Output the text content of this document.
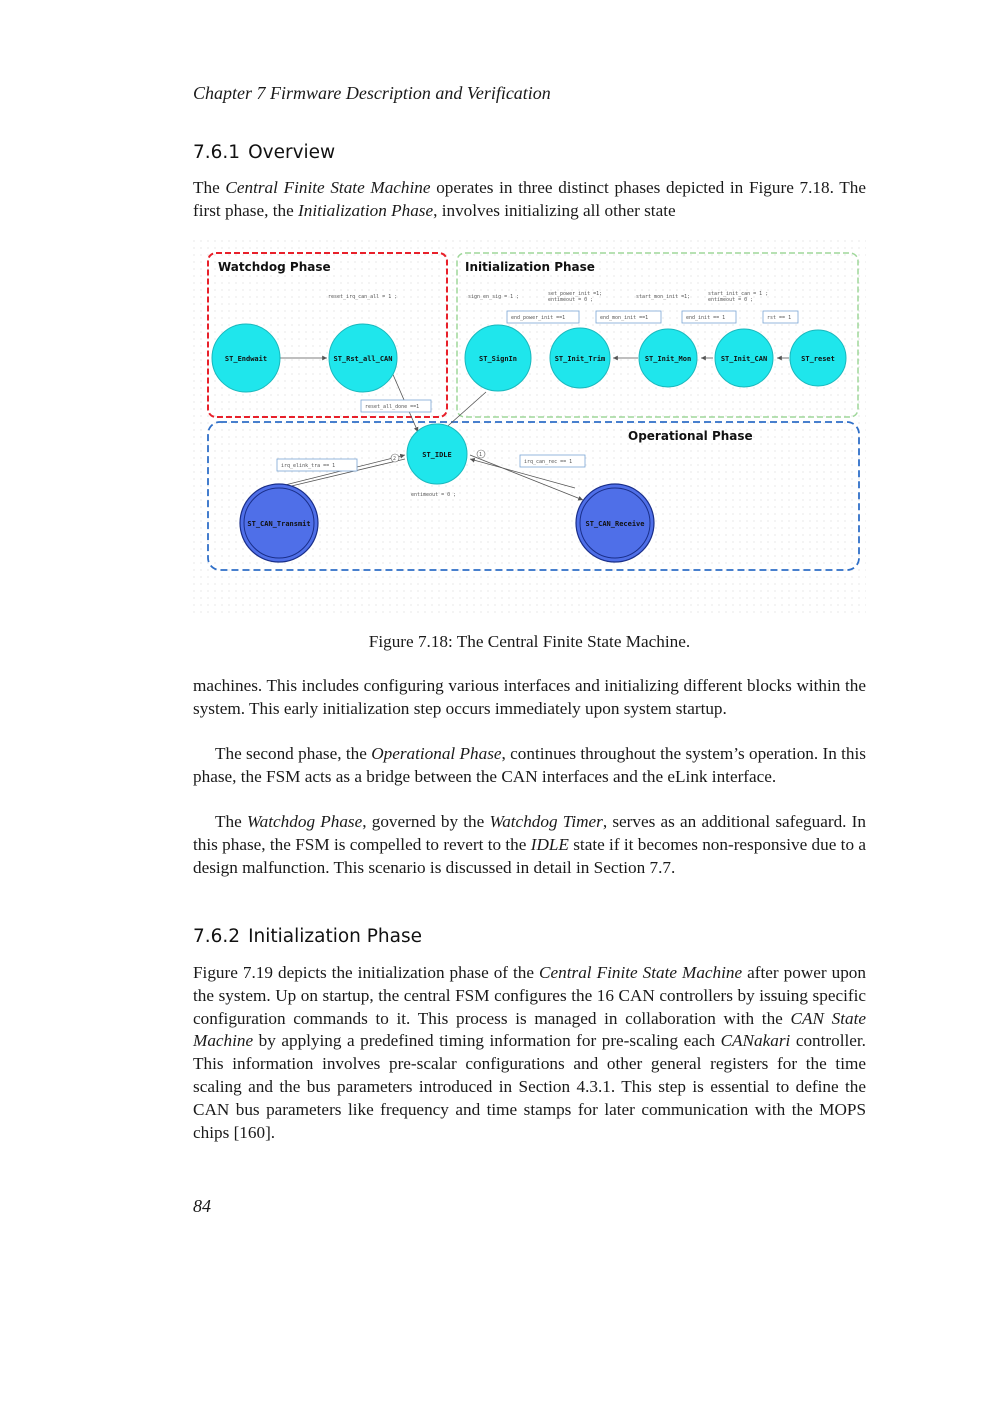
Chapter 7 Firmware Description and Verification
7.6.1 Overview

The Central Finite State Machine operates in three distinct phases depicted in Figure 7.18. The first phase, the Initialization Phase, involves initializing all other state

Watchdog Phase	Initialization Phase
Operational Phase
reset_irq_can_all = 1 ;	sign_en_sig = 1 ;	set_power_init =1;
entimeout = 0 ;	start_mon_init =1;	start_init_can = 1 ;
entimeout = 0 ;
entimeout = 0 ;
end_power_init ==1	end_mon_init ==1	end_init == 1	rst == 1
reset_all_done ==1
irq_elink_tra == 1
irq_can_rec == 1
2
1
ST_Endwait	ST_Rst_all_CAN	ST_SignIn	ST_Init_Trim	ST_Init_Mon	ST_Init_CAN	ST_reset
ST_IDLE
ST_CAN_Transmit	ST_CAN_Receive
Figure 7.18: The Central Finite State Machine.

machines. This includes configuring various interfaces and initializing different blocks within the system. This early initialization step occurs immediately upon system startup.

The second phase, the Operational Phase, continues throughout the system’s operation. In this phase, the FSM acts as a bridge between the CAN interfaces and the eLink interface.

The Watchdog Phase, governed by the Watchdog Timer, serves as an additional safeguard. In this phase, the FSM is compelled to revert to the IDLE state if it becomes non-responsive due to a design malfunction. This scenario is discussed in detail in Section 7.7.

7.6.2 Initialization Phase

Figure 7.19 depicts the initialization phase of the Central Finite State Machine after power upon the system. Up on startup, the central FSM configures the 16 CAN controllers by issuing specific configuration commands to it. This process is managed in collaboration with the CAN State Machine by applying a predefined timing information for pre-scaling each CANakari controller. This information involves pre-scalar configurations and other general registers for the time scaling and the bus parameters introduced in Section 4.3.1. This step is essential to define the CAN bus parameters like frequency and time stamps for later communication with the MOPS chips [160].

84
